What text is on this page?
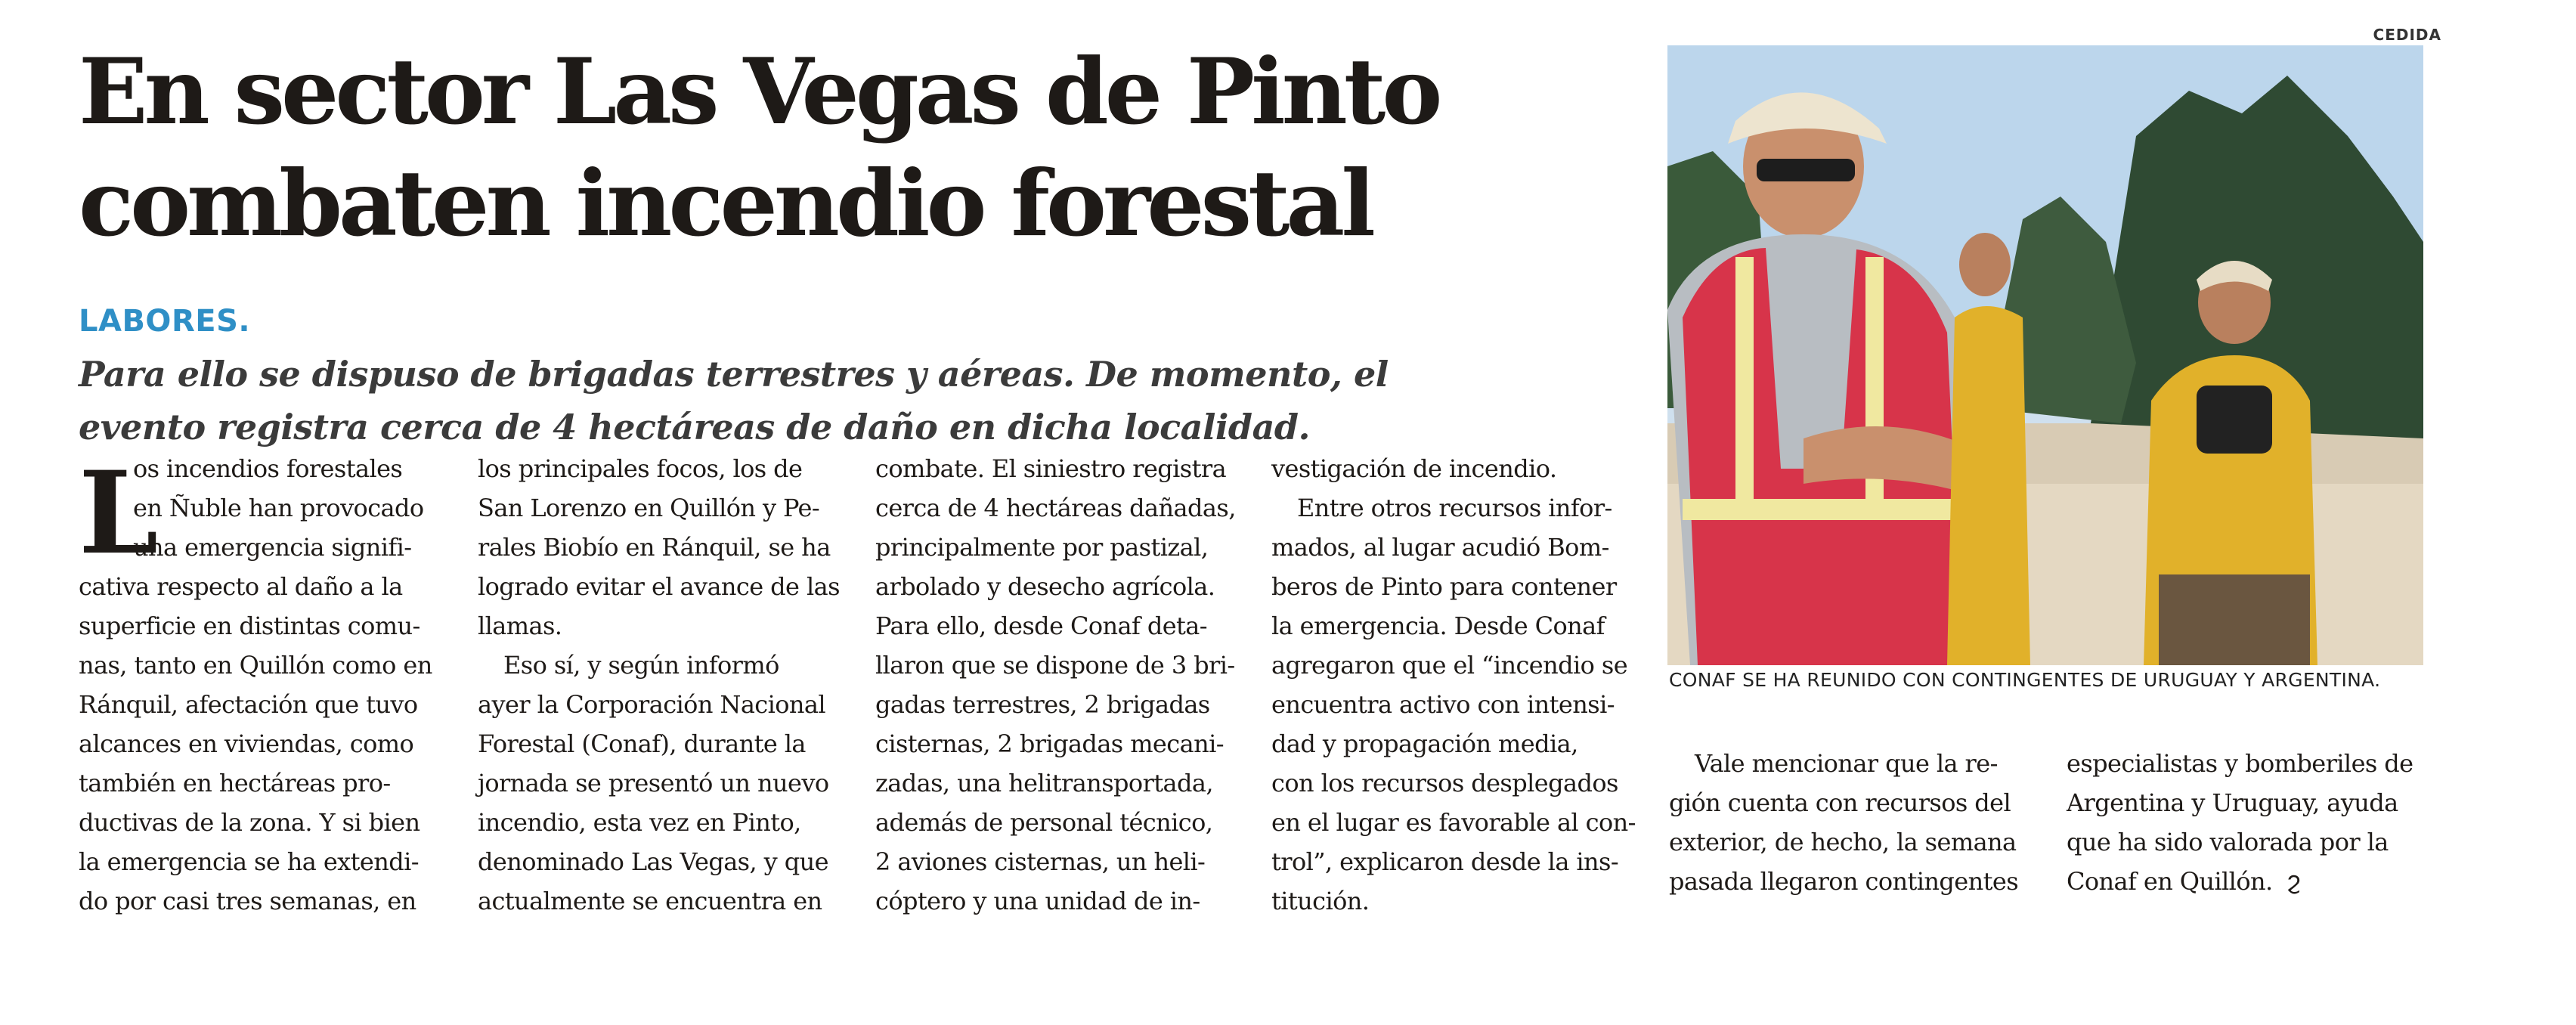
CEDIDA
En sector Las Vegas de Pinto
combaten incendio forestal
LABORES.
Para ello se dispuso de brigadas terrestres y aéreas. De momento, el
evento registra cerca de 4 hectáreas de daño en dicha localidad.
L
os incendios forestales
en Ñuble han provocado
una emergencia signifi-
cativa respecto al daño a la
superficie en distintas comu-
nas, tanto en Quillón como en
Ránquil, afectación que tuvo
alcances en viviendas, como
también en hectáreas pro-
ductivas de la zona. Y si bien
la emergencia se ha extendi-
do por casi tres semanas, en
los principales focos, los de
San Lorenzo en Quillón y Pe-
rales Biobío en Ránquil, se ha
logrado evitar el avance de las
llamas.
Eso sí, y según informó
ayer la Corporación Nacional
Forestal (Conaf), durante la
jornada se presentó un nuevo
incendio, esta vez en Pinto,
denominado Las Vegas, y que
actualmente se encuentra en
combate. El siniestro registra
cerca de 4 hectáreas dañadas,
principalmente por pastizal,
arbolado y desecho agrícola.
Para ello, desde Conaf deta-
llaron que se dispone de 3 bri-
gadas terrestres, 2 brigadas
cisternas, 2 brigadas mecani-
zadas, una helitransportada,
además de personal técnico,
2 aviones cisternas, un heli-
cóptero y una unidad de in-
vestigación de incendio.
Entre otros recursos infor-
mados, al lugar acudió Bom-
beros de Pinto para contener
la emergencia. Desde Conaf
agregaron que el “incendio se
encuentra activo con intensi-
dad y propagación media,
con los recursos desplegados
en el lugar es favorable al con-
trol”, explicaron desde la ins-
titución.
Vale mencionar que la re-
gión cuenta con recursos del
exterior, de hecho, la semana
pasada llegaron contingentes
especialistas y bomberiles de
Argentina y Uruguay, ayuda
que ha sido valorada por la
Conaf en Quillón. Ϩ
CONAF SE HA REUNIDO CON CONTINGENTES DE URUGUAY Y ARGENTINA.
